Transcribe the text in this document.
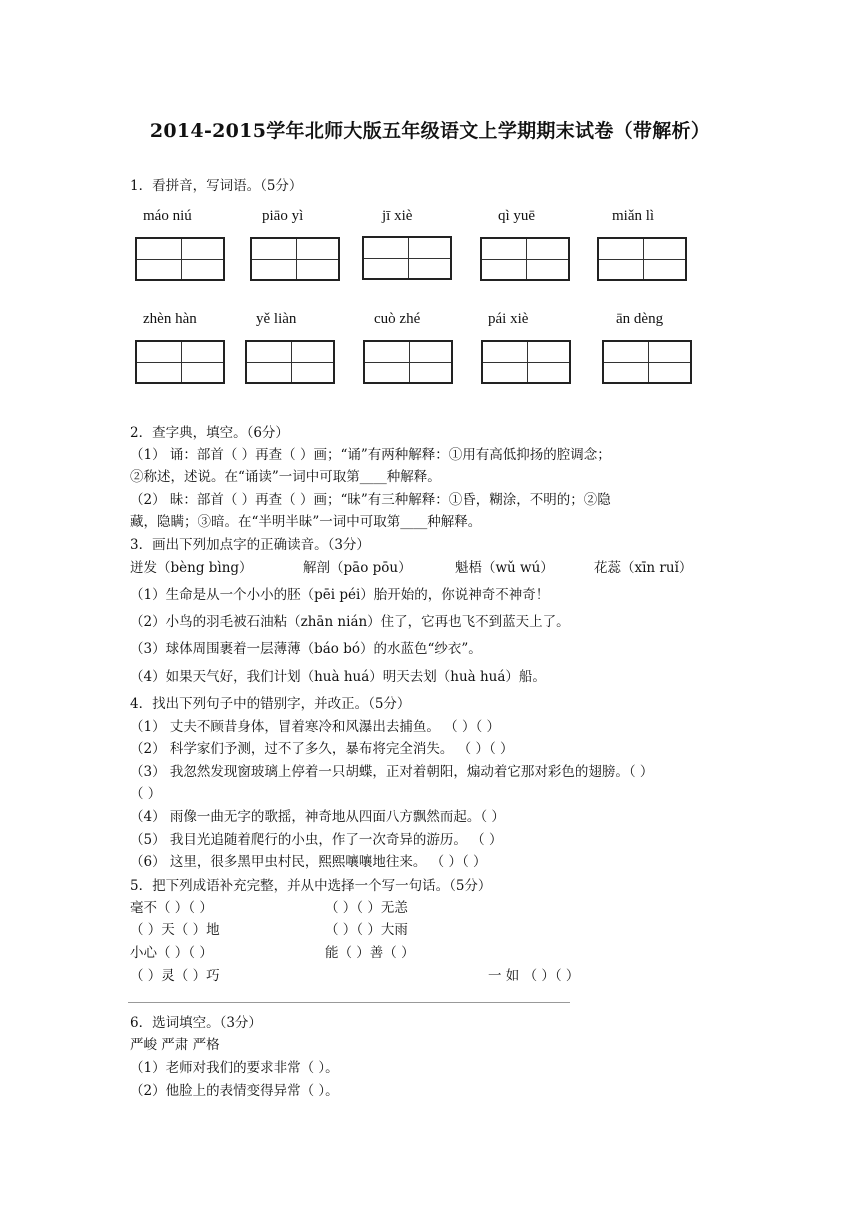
2014-2015学年北师大版五年级语文上学期期末试卷（带解析）
1．看拼音，写词语。（5分）
máo niú	piāo yì	jī xiè	qì yuē	miǎn lì
zhèn hàn	yě liàn	cuò zhé	pái xiè	ān dèng
2．查字典，填空。（6分）
（1） 诵：部首（ ）再查（ ）画；“诵”有两种解释：①用有高低抑扬的腔调念；
②称述，述说。在“诵读”一词中可取第____种解释。
（2） 昧：部首（ ）再查（ ）画；“昧”有三种解释：①昏，糊涂，不明的；②隐
藏，隐瞒；③暗。在“半明半昧”一词中可取第____种解释。
3．画出下列加点字的正确读音。（3分）
迸发（bèng bìng）	解剖（pāo pōu）	魁梧（wǔ wú）	花蕊（xīn ruǐ）
（1）生命是从一个小小的胚（pēi péi）胎开始的，你说神奇不神奇！
（2）小鸟的羽毛被石油粘（zhān nián）住了，它再也飞不到蓝天上了。
（3）球体周围裹着一层薄薄（báo bó）的水蓝色“纱衣”。
（4）如果天气好，我们计划（huà huá）明天去划（huà huá）船。
4．找出下列句子中的错别字，并改正。（5分）
（1） 丈夫不顾昔身体，冒着寒冷和风瀑出去捕鱼。 （ ）（ ）
（2） 科学家们予测，过不了多久，暴布将完全消失。 （ ）（ ）
（3） 我忽然发现窗玻璃上停着一只胡蝶，正对着朝阳，煽动着它那对彩色的翅膀。（ ）
（ ）
（4） 雨像一曲无字的歌摇，神奇地从四面八方飘然而起。（ ）
（5） 我目光追随着爬行的小虫，作了一次奇异的游历。 （ ）
（6） 这里，很多黑甲虫村民，熙熙嚷嚷地往来。 （ ）（ ）
5．把下列成语补充完整，并从中选择一个写一句话。（5分）
毫不（ ）（ ）	（ ）（ ）无恙
（ ）天（ ）地	（ ）（ ）大雨
小心（ ）（ ）	能（ ）善（ ）
（ ）灵（ ）巧	一 如 （ ）（ ）
6．选词填空。（3分）
严峻 严肃 严格
（1）老师对我们的要求非常（ ）。
（2）他脸上的表情变得异常（ ）。
